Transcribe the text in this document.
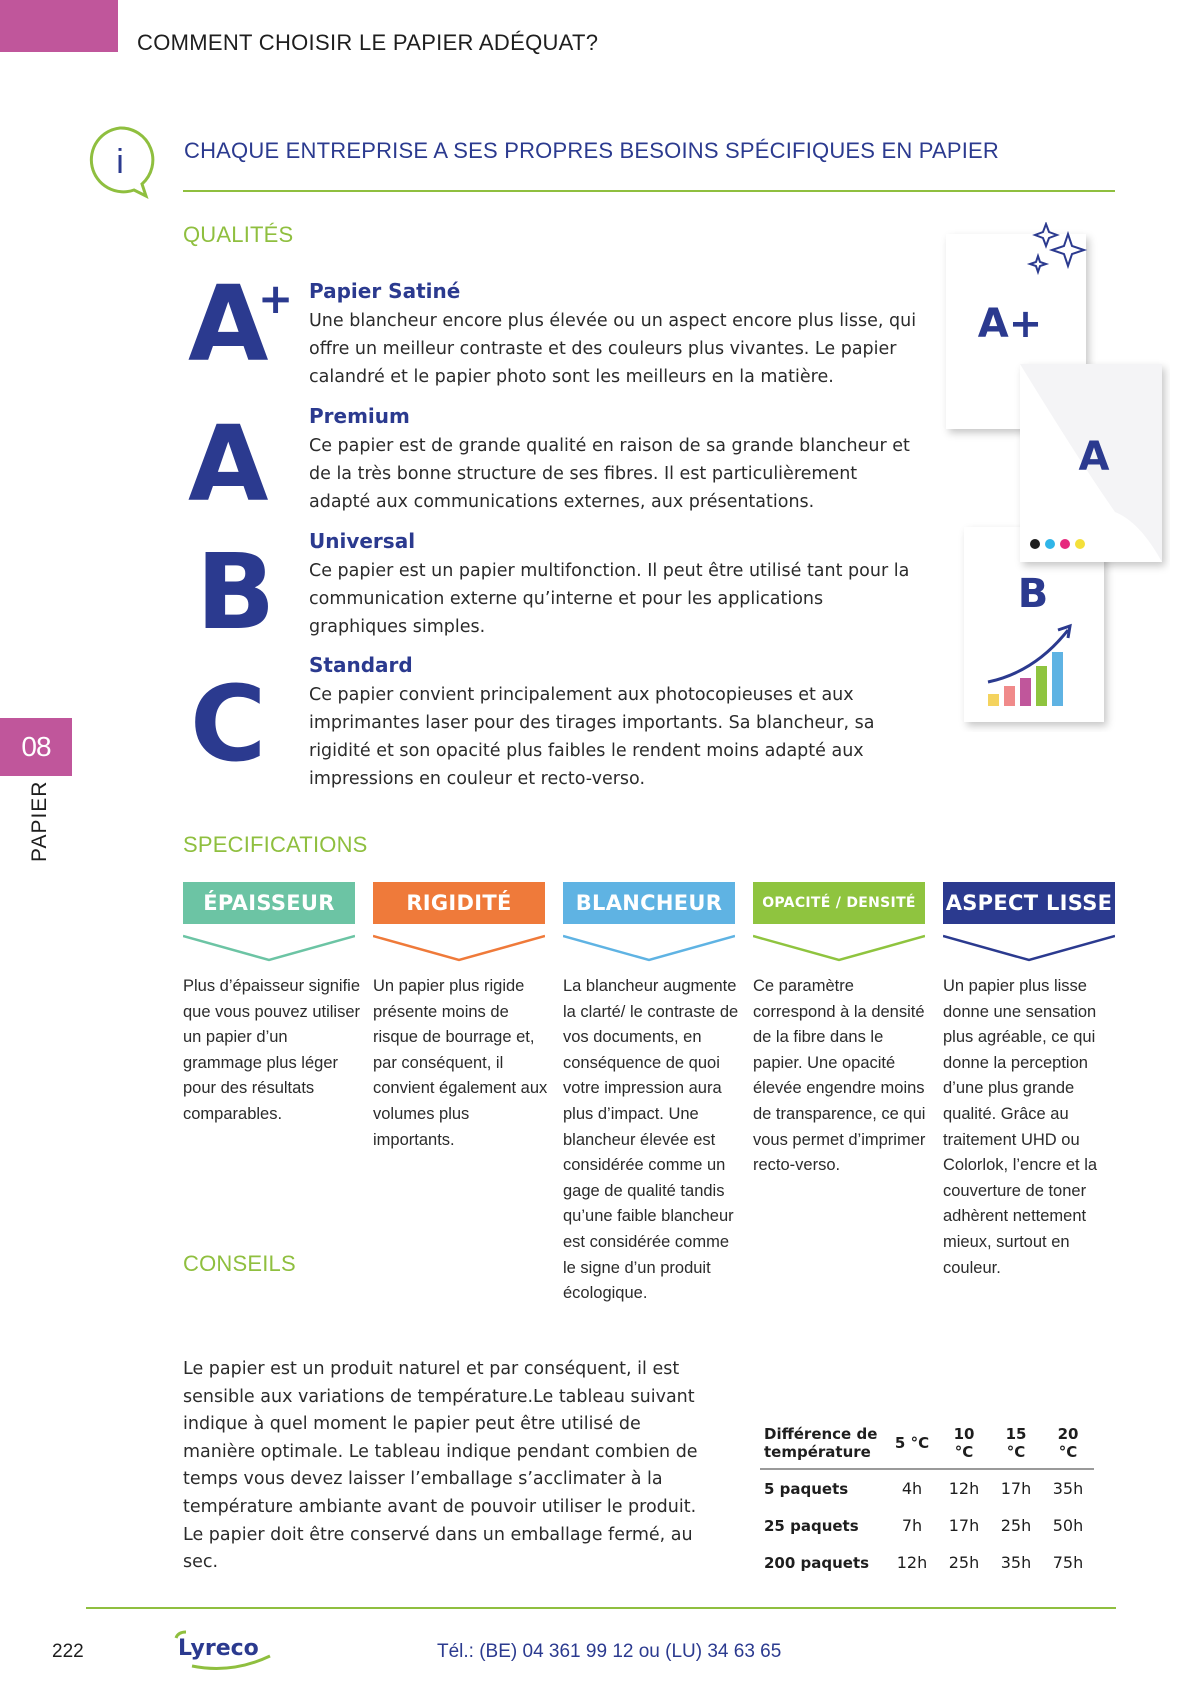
COMMENT CHOISIR LE PAPIER ADÉQUAT?
i	CHAQUE ENTREPRISE A SES PROPRES BESOINS SPÉCIFIQUES EN PAPIER
QUALITÉS
A
+ Papier Satiné
Une blancheur encore plus élevée ou un aspect encore plus lisse, qui offre un meilleur contraste et des couleurs plus vivantes. Le papier calandré et le papier photo sont les meilleurs en la matière.
A Premium
Ce papier est de grande qualité en raison de sa grande blancheur et de la très bonne structure de ses fibres. Il est particulièrement adapté aux communications externes, aux présentations.
B Universal
Ce papier est un papier multifonction. Il peut être utilisé tant pour la communication externe qu’interne et pour les applications graphiques simples.
C Standard
Ce papier convient principalement aux photocopieuses et aux imprimantes laser pour des tirages importants. Sa blancheur, sa rigidité et son opacité plus faibles le rendent moins adapté aux impressions en couleur et recto-verso.
A+
B
A
08
PAPIER	SPECIFICATIONS
ÉPAISSEUR
Plus d’épaisseur signifie que vous pouvez utiliser un papier d’un grammage plus léger pour des résultats comparables.
RIGIDITÉ
Un papier plus rigide présente moins de risque de bourrage et, par conséquent, il convient également aux volumes plus importants.
BLANCHEUR
La blancheur augmente la clarté/ le contraste de vos documents, en conséquence de quoi votre impression aura plus d’impact. Une blancheur élevée est considérée comme un gage de qualité tandis qu’une faible blancheur est considérée comme le signe d’un produit écologique.
OPACITÉ / DENSITÉ
Ce paramètre correspond à la densité de la fibre dans le papier. Une opacité élevée engendre moins de transparence, ce qui vous permet d’imprimer recto-verso.
ASPECT LISSE
Un papier plus lisse donne une sensation plus agréable, ce qui donne la perception d’une plus grande qualité. Grâce au traitement UHD ou Colorlok, l’encre et la couverture de toner adhèrent nettement mieux, surtout en couleur.
CONSEILS
Le papier est un produit naturel et par conséquent, il est sensible aux variations de température.Le tableau suivant indique à quel moment le papier peut être utilisé de manière optimale. Le tableau indique pendant combien de temps vous devez laisser l’emballage s’acclimater à la température ambiante avant de pouvoir utiliser le produit. Le papier doit être conservé dans un emballage fermé, au sec.
Différence de température	5 °C	10 °C	15 °C	20 °C
5 paquets	4h	12h	17h	35h
25 paquets	7h	17h	25h	50h
200 paquets	12h	25h	35h	75h
222	Lyreco	Tél.: (BE) 04 361 99 12 ou (LU) 34 63 65
